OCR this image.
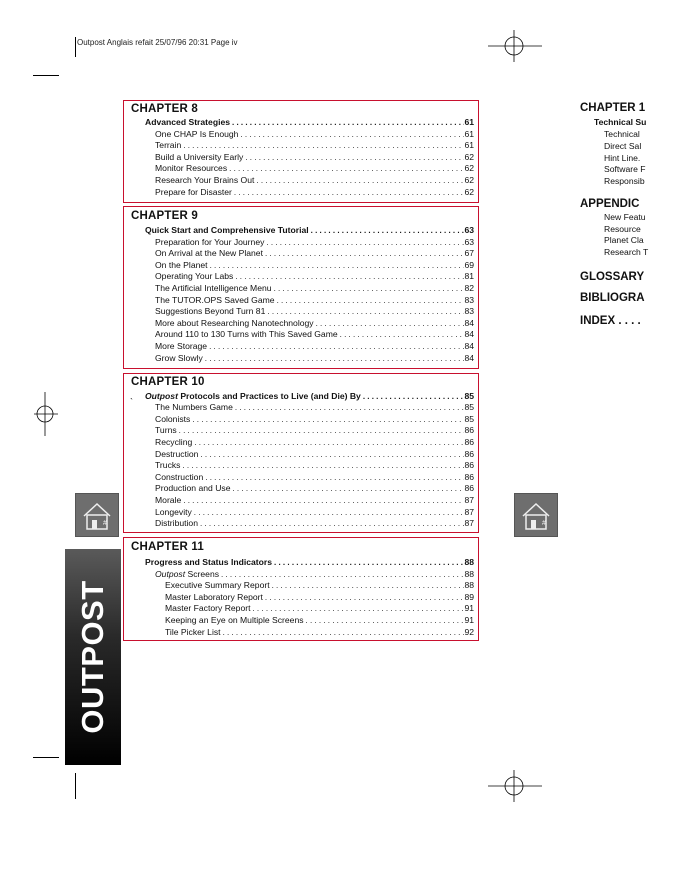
Outpost Anglais refait 25/07/96 20:31 Page iv
#	#
OUTPOST
`
CHAPTER 8
Advanced Strategies . . .	61
One CHAP Is Enough . . .	61
Terrain . . .	61
Build a University Early . . .	62
Monitor Resources . . .	62
Research Your Brains Out . . .	62
Prepare for Disaster . . .	62
CHAPTER 9
Quick Start and Comprehensive Tutorial . . .	63
Preparation for Your Journey . . .	63
On Arrival at the New Planet . . .	67
On the Planet . . .	69
Operating Your Labs . . .	81
The Artificial Intelligence Menu . . .	82
The TUTOR.OPS Saved Game . . .	83
Suggestions Beyond Turn 81 . . .	83
More about Researching Nanotechnology . . .	84
Around 110 to 130 Turns with This Saved Game . . .	84
More Storage . . .	84
Grow Slowly . . .	84
CHAPTER 10
Outpost Protocols and Practices to Live (and Die) By . . .	85
The Numbers Game . . .	85
Colonists . . .	85
Turns . . .	86
Recycling . . .	86
Destruction . . .	86
Trucks . . .	86
Construction . . .	86
Production and Use . . .	86
Morale . . .	87
Longevity . . .	87
Distribution . . .	87
CHAPTER 11
Progress and Status Indicators . . .	88
Outpost Screens . . .	88
Executive Summary Report . . .	88
Master Laboratory Report . . .	89
Master Factory Report . . .	91
Keeping an Eye on Multiple Screens . . .	91
Tile Picker List . . .	92
CHAPTER 1
Technical Su
Technical
Direct Sal
Hint Line.
Software F
Responsib
APPENDIC
New Featu
Resource
Planet Cla
Research T
GLOSSARY
BIBLIOGRA
INDEX . . . .
